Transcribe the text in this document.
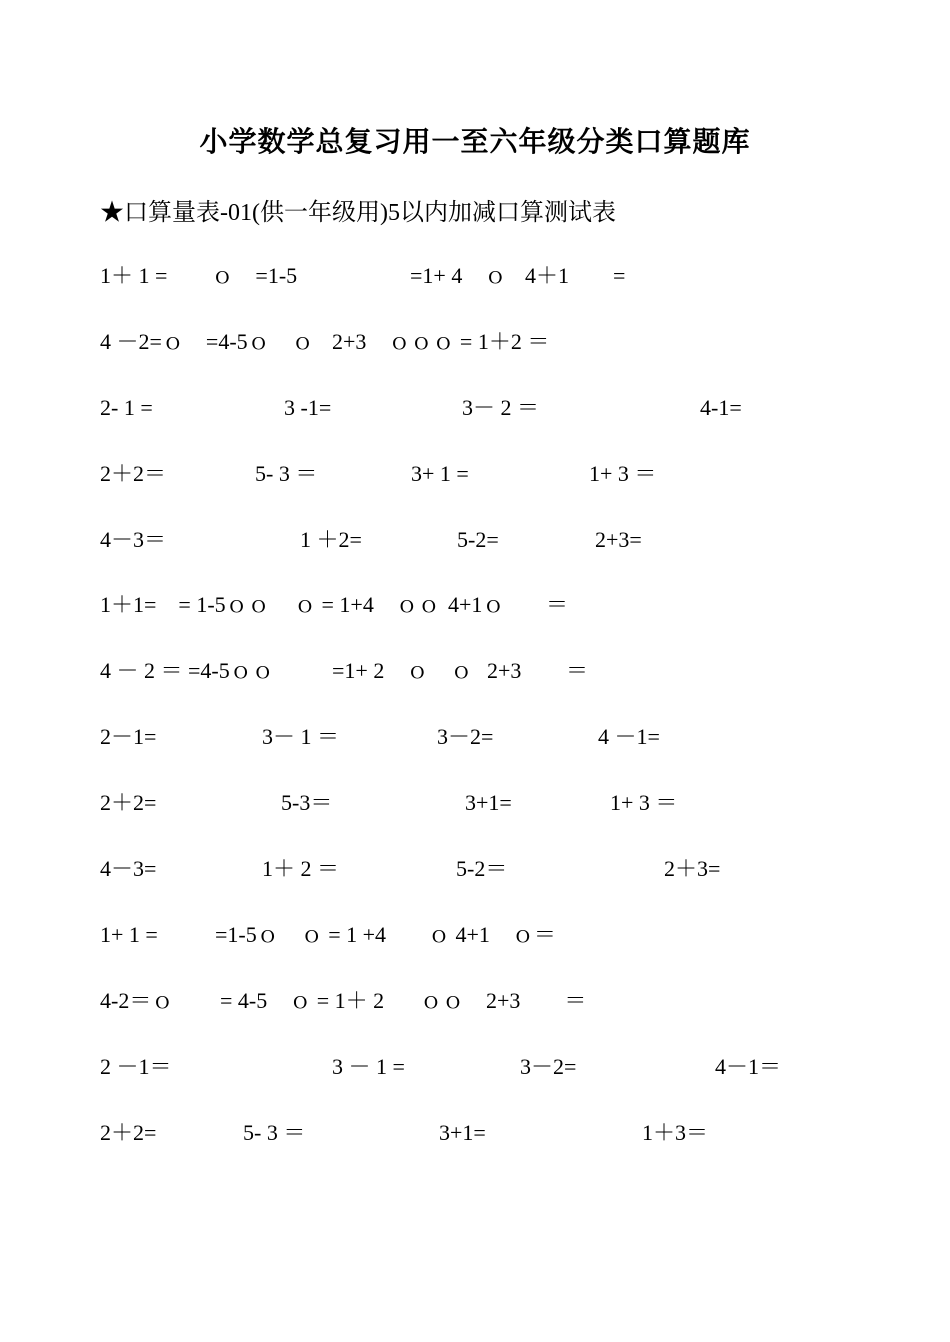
小学数学总复习用一至六年级分类口算题库
★口算量表-01(供一年级用)5以内加减口算测试表
1＋ 1 =　　ｏ　=1-5	=1+ 4　ｏ 4＋1　　=
4 －2=ｏ　=4-5ｏ　ｏ 2+3　ｏｏｏ = 1＋2 ＝
2- 1 =	3 -1=	3－ 2 ＝	4-1=
2＋2＝	5- 3 ＝	3+ 1 =	1+ 3 ＝
4－3＝	1 ＋2=	5-2=	2+3=
1＋1=　= 1-5ｏｏ ｏ = 1+4　ｏｏ 4+1ｏ ＝
4 － 2 ＝ =4-5ｏｏ	=1+ 2　ｏ　ｏ 2+3 ＝
2－1=	3－ 1 ＝	3－2=	4 －1=
2＋2=	5-3＝	3+1=	1+ 3 ＝
4－3=	1＋ 2 ＝	5-2＝	2＋3=
1+ 1 =	=1-5ｏ　ｏ = 1 +4 ｏ 4+1　ｏ＝
4-2＝ｏ = 4-5　ｏ = 1＋ 2 ｏｏ 2+3　　＝
2 －1＝	3 － 1 =	3－2=	4－1＝
2＋2=	5- 3 ＝	3+1=	1＋3＝
